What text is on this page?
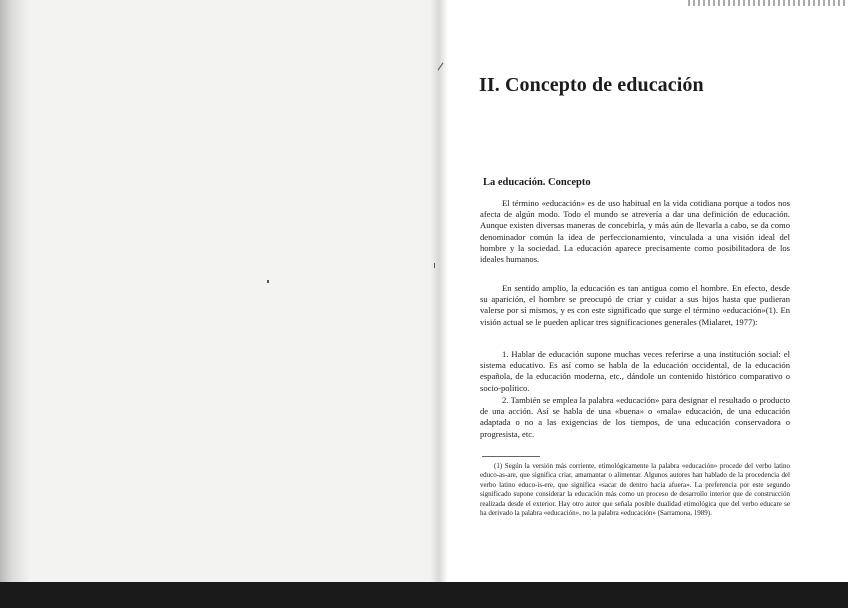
II. Concepto de educación
La educación. Concepto

El término «educación» es de uso habitual en la vida cotidiana porque a todos nos afecta de algún modo. Todo el mundo se atrevería a dar una definición de educación. Aunque existen diversas maneras de concebirla, y más aún de llevarla a cabo, se da como denominador común la idea de perfeccionamiento, vinculada a una visión ideal del hombre y la sociedad. La educación aparece precisamente como posibilitadora de los ideales humanos.

En sentido amplio, la educación es tan antigua como el hombre. En efecto, desde su aparición, el hombre se preocupó de criar y cuidar a sus hijos hasta que pudieran valerse por sí mismos, y es con este significado que surge el término «educación»(1). En visión actual se le pueden aplicar tres significaciones generales (Mialaret, 1977):

1. Hablar de educación supone muchas veces referirse a una institución social: el sistema educativo. Es así como se habla de la educación occidental, de la educación española, de la educación moderna, etc., dándole un contenido histórico comparativo o socio-político.

2. También se emplea la palabra «educación» para designar el resultado o producto de una acción. Así se habla de una «buena» o «mala» educación, de una educación adaptada o no a las exigencias de los tiempos, de una educación conservadora o progresista, etc.

(1) Según la versión más corriente, etimológicamente la palabra «educación» procede del verbo latino educo-as-are, que significa criar, amamantar o alimentar. Algunos autores han hablado de la procedencia del verbo latino educo-is-ere, que significa «sacar de dentro hacia afuera». La preferencia por este segundo significado supone considerar la educación más como un proceso de desarrollo interior que de construcción realizada desde el exterior. Hay otro autor que señala posible dualidad etimológica que del verbo educare se ha derivado la palabra «educación», no la palabra «educación» (Sarramona, 1989).
